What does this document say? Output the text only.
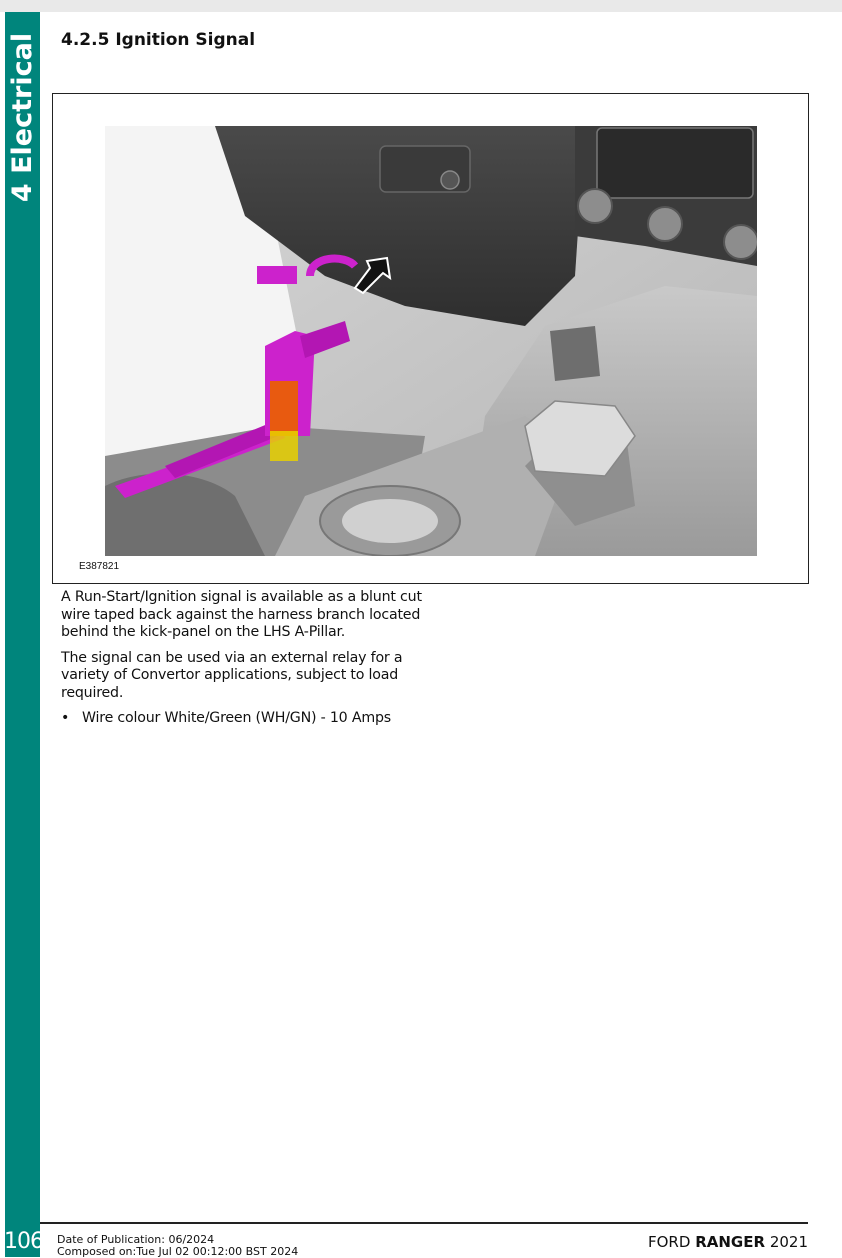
4 Electrical 4.2.5 Ignition Signal
E387821

A Run-Start/Ignition signal is available as a blunt cut wire taped back against the harness branch located behind the kick-panel on the LHS A-Pillar.

The signal can be used via an external relay for a variety of Convertor applications, subject to load required.

• Wire colour White/Green (WH/GN) - 10 Amps
106 Date of Publication: 06/2024
Composed on:Tue Jul 02 00:12:00 BST 2024
FORD RANGER 2021
